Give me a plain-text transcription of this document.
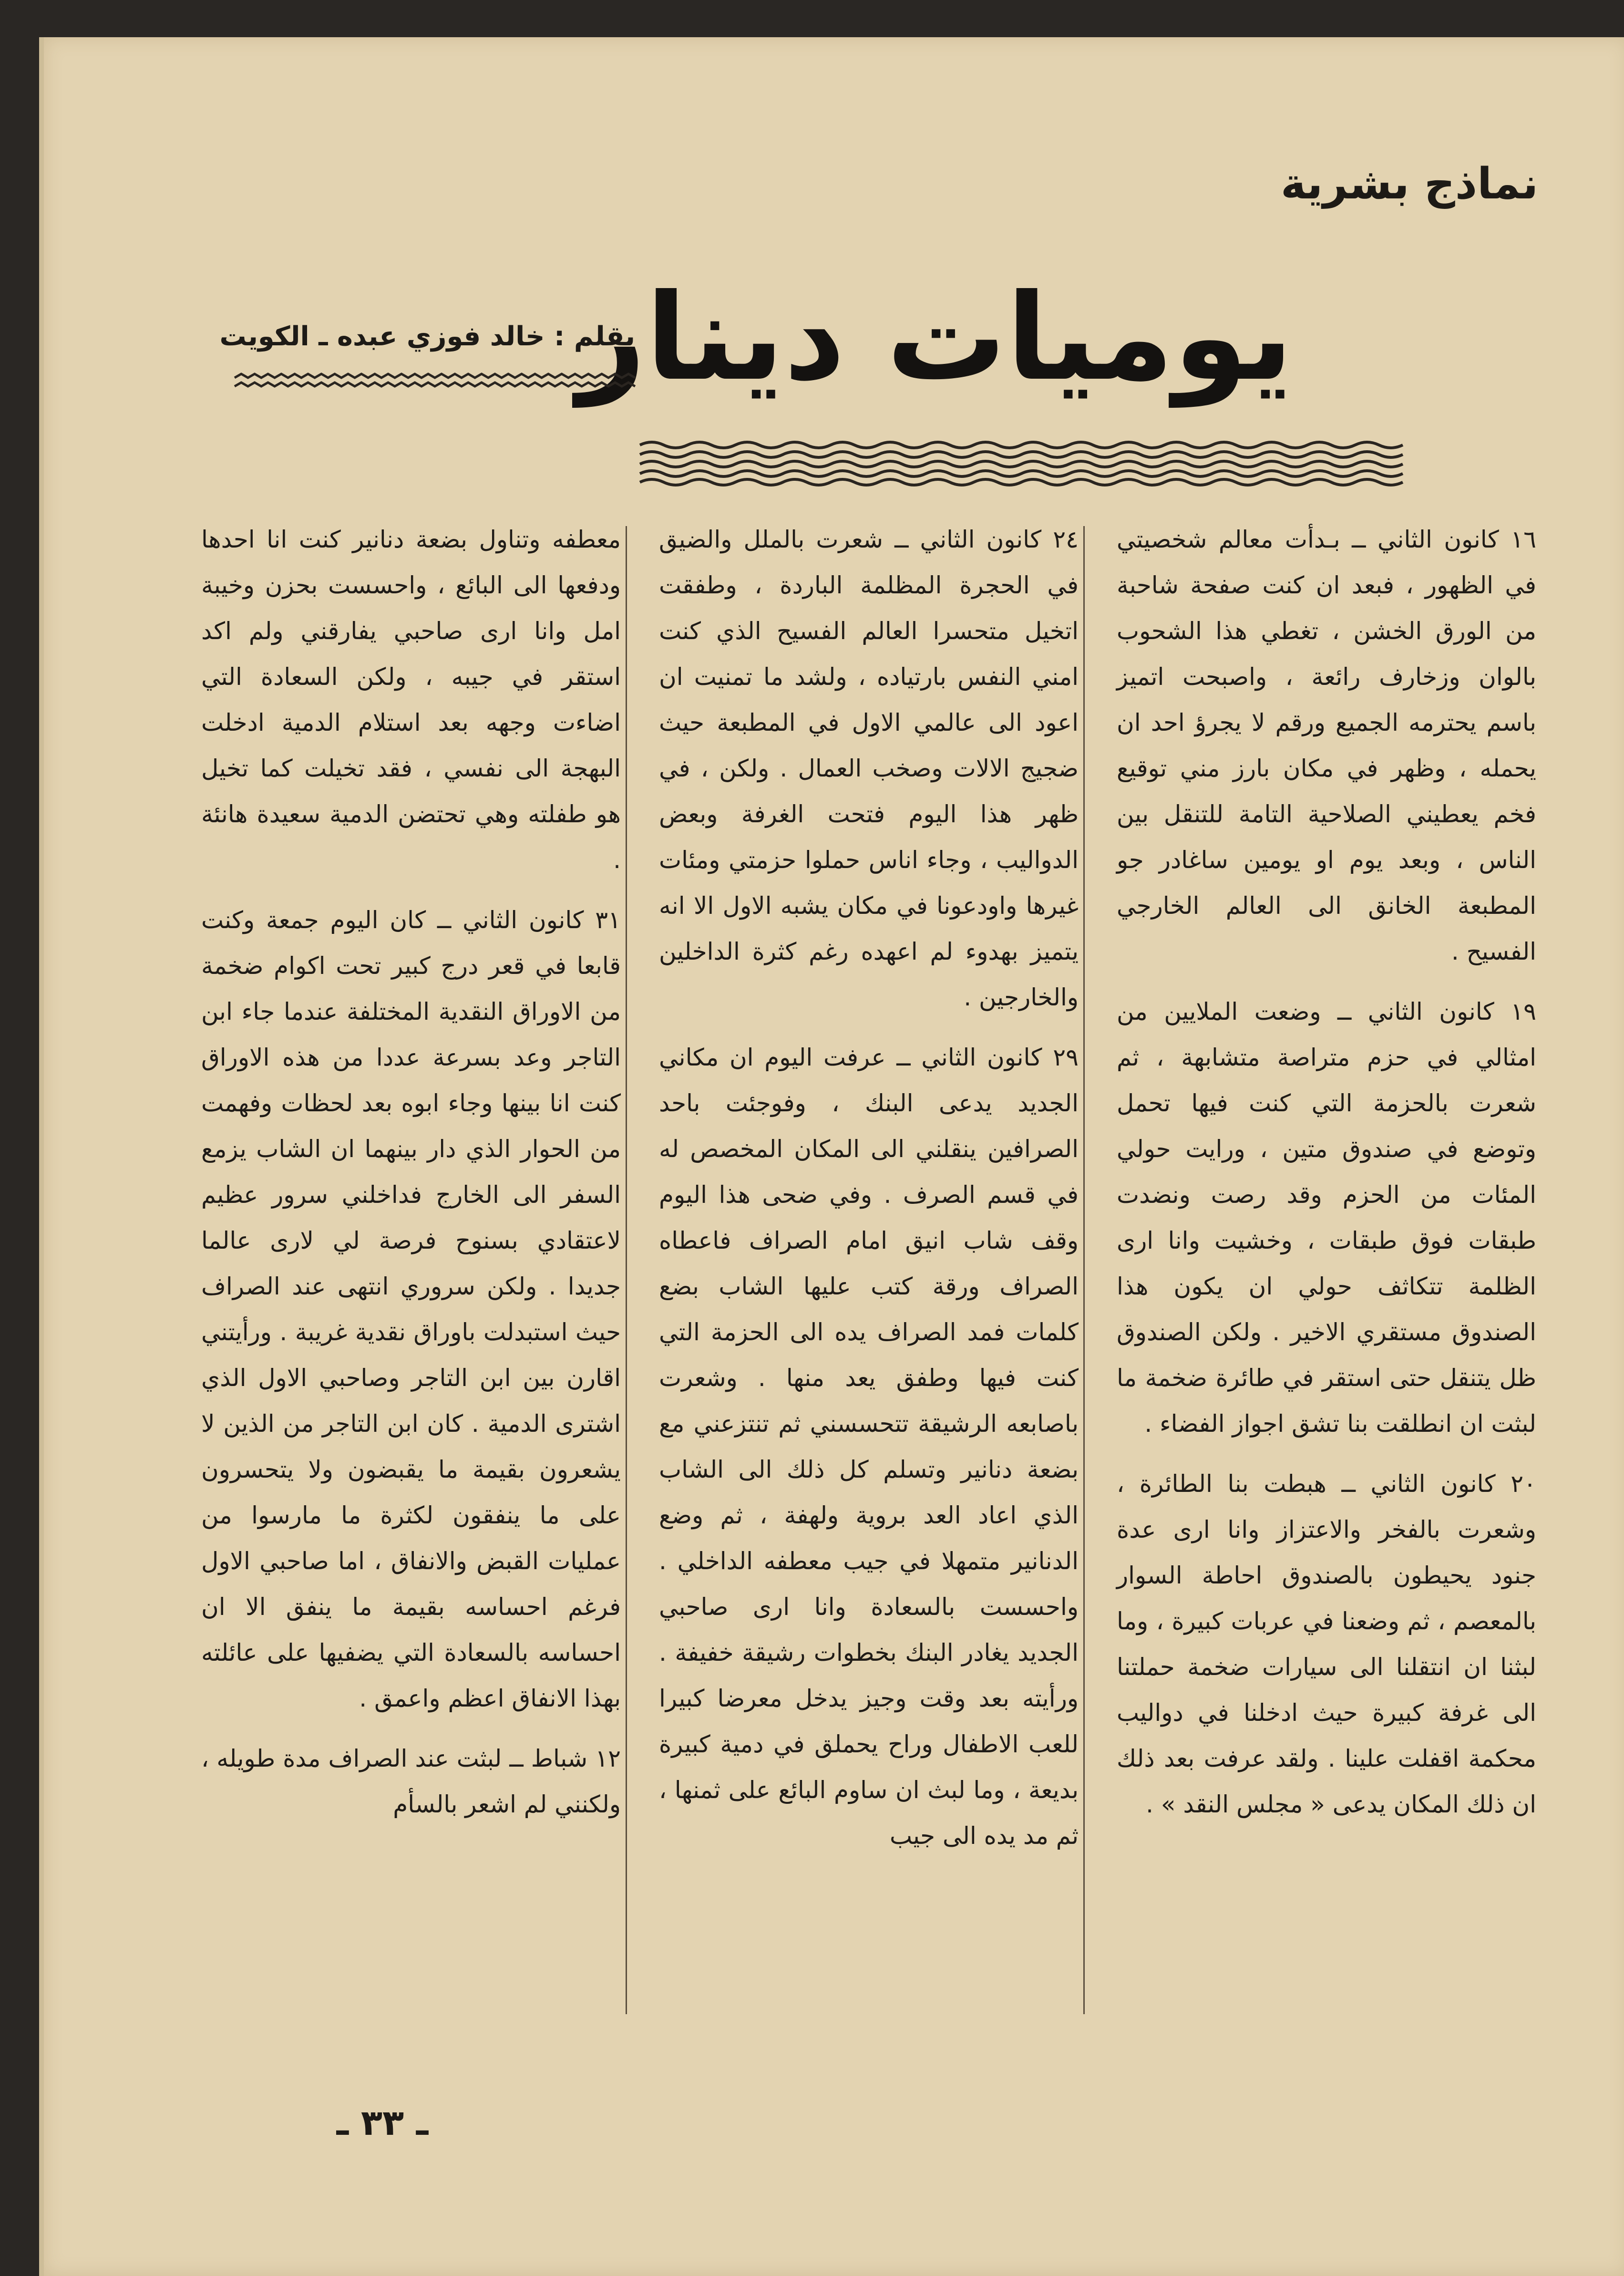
نماذج بشرية
يوميات دينار
بقلم : خالد فوزي عبده ـ الكويت

١٦ كانون الثاني ــ بـدأت معالم شخصيتي في الظهور ، فبعد ان كنت صفحة شاحبة من الورق الخشن ، تغطي هذا الشحوب بالوان وزخارف رائعة ، واصبحت اتميز باسم يحترمه الجميع ورقم لا يجرؤ احد ان يحمله ، وظهر في مكان بارز مني توقيع فخم يعطيني الصلاحية التامة للتنقل بين الناس ، وبعد يوم او يومين ساغادر جو المطبعة الخانق الى العالم الخارجي الفسيح .

١٩ كانون الثاني ــ وضعت الملايين من امثالي في حزم متراصة متشابهة ، ثم شعرت بالحزمة التي كنت فيها تحمل وتوضع في صندوق متين ، ورايت حولي المئات من الحزم وقد رصت ونضدت طبقات فوق طبقات ، وخشيت وانا ارى الظلمة تتكاثف حولي ان يكون هذا الصندوق مستقري الاخير . ولكن الصندوق ظل يتنقل حتى استقر في طائرة ضخمة ما لبثت ان انطلقت بنا تشق اجواز الفضاء .

٢٠ كانون الثاني ــ هبطت بنا الطائرة ، وشعرت بالفخر والاعتزاز وانا ارى عدة جنود يحيطون بالصندوق احاطة السوار بالمعصم ، ثم وضعنا في عربات كبيرة ، وما لبثنا ان انتقلنا الى سيارات ضخمة حملتنا الى غرفة كبيرة حيث ادخلنا في دواليب محكمة اقفلت علينا . ولقد عرفت بعد ذلك ان ذلك المكان يدعى « مجلس النقد » .

٢٤ كانون الثاني ــ شعرت بالملل والضيق في الحجرة المظلمة الباردة ، وطفقت اتخيل متحسرا العالم الفسيح الذي كنت امني النفس بارتياده ، ولشد ما تمنيت ان اعود الى عالمي الاول في المطبعة حيث ضجيج الالات وصخب العمال . ولكن ، في ظهر هذا اليوم فتحت الغرفة وبعض الدواليب ، وجاء اناس حملوا حزمتي ومئات غيرها واودعونا في مكان يشبه الاول الا انه يتميز بهدوء لم اعهده رغم كثرة الداخلين والخارجين .

٢٩ كانون الثاني ــ عرفت اليوم ان مكاني الجديد يدعى البنك ، وفوجئت باحد الصرافين ينقلني الى المكان المخصص له في قسم الصرف . وفي ضحى هذا اليوم وقف شاب انيق امام الصراف فاعطاه الصراف ورقة كتب عليها الشاب بضع كلمات فمد الصراف يده الى الحزمة التي كنت فيها وطفق يعد منها . وشعرت باصابعه الرشيقة تتحسسني ثم تنتزعني مع بضعة دنانير وتسلم كل ذلك الى الشاب الذي اعاد العد بروية ولهفة ، ثم وضع الدنانير متمهلا في جيب معطفه الداخلي . واحسست بالسعادة وانا ارى صاحبي الجديد يغادر البنك بخطوات رشيقة خفيفة . ورأيته بعد وقت وجيز يدخل معرضا كبيرا للعب الاطفال وراح يحملق في دمية كبيرة بديعة ، وما لبث ان ساوم البائع على ثمنها ، ثم مد يده الى جيب

معطفه وتناول بضعة دنانير كنت انا احدها ودفعها الى البائع ، واحسست بحزن وخيبة امل وانا ارى صاحبي يفارقني ولم اكد استقر في جيبه ، ولكن السعادة التي اضاءت وجهه بعد استلام الدمية ادخلت البهجة الى نفسي ، فقد تخيلت كما تخيل هو طفلته وهي تحتضن الدمية سعيدة هانئة .

٣١ كانون الثاني ــ كان اليوم جمعة وكنت قابعا في قعر درج كبير تحت اكوام ضخمة من الاوراق النقدية المختلفة عندما جاء ابن التاجر وعد بسرعة عددا من هذه الاوراق كنت انا بينها وجاء ابوه بعد لحظات وفهمت من الحوار الذي دار بينهما ان الشاب يزمع السفر الى الخارج فداخلني سرور عظيم لاعتقادي بسنوح فرصة لي لارى عالما جديدا . ولكن سروري انتهى عند الصراف حيث استبدلت باوراق نقدية غريبة . ورأيتني اقارن بين ابن التاجر وصاحبي الاول الذي اشترى الدمية . كان ابن التاجر من الذين لا يشعرون بقيمة ما يقبضون ولا يتحسرون على ما ينفقون لكثرة ما مارسوا من عمليات القبض والانفاق ، اما صاحبي الاول فرغم احساسه بقيمة ما ينفق الا ان احساسه بالسعادة التي يضفيها على عائلته بهذا الانفاق اعظم واعمق .

١٢ شباط ــ لبثت عند الصراف مدة طويله ، ولكنني لم اشعر بالسأم

ـ ٣٣ ـ
